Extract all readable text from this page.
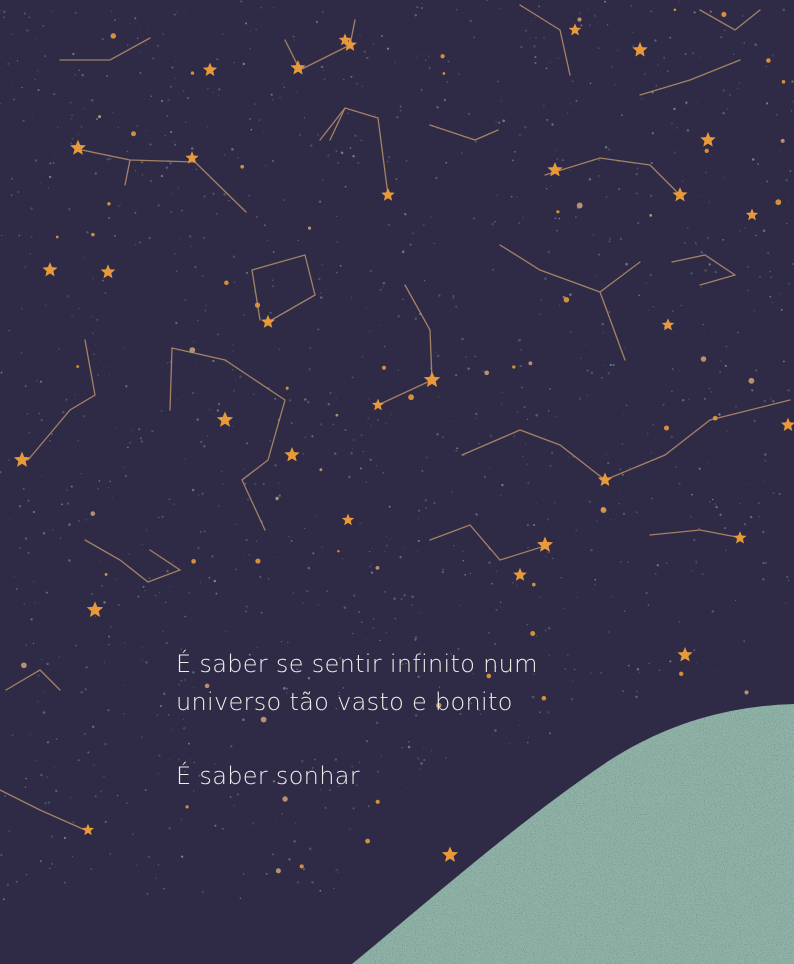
É saber se sentir infinito num
universo tão vasto e bonito
É saber sonhar
